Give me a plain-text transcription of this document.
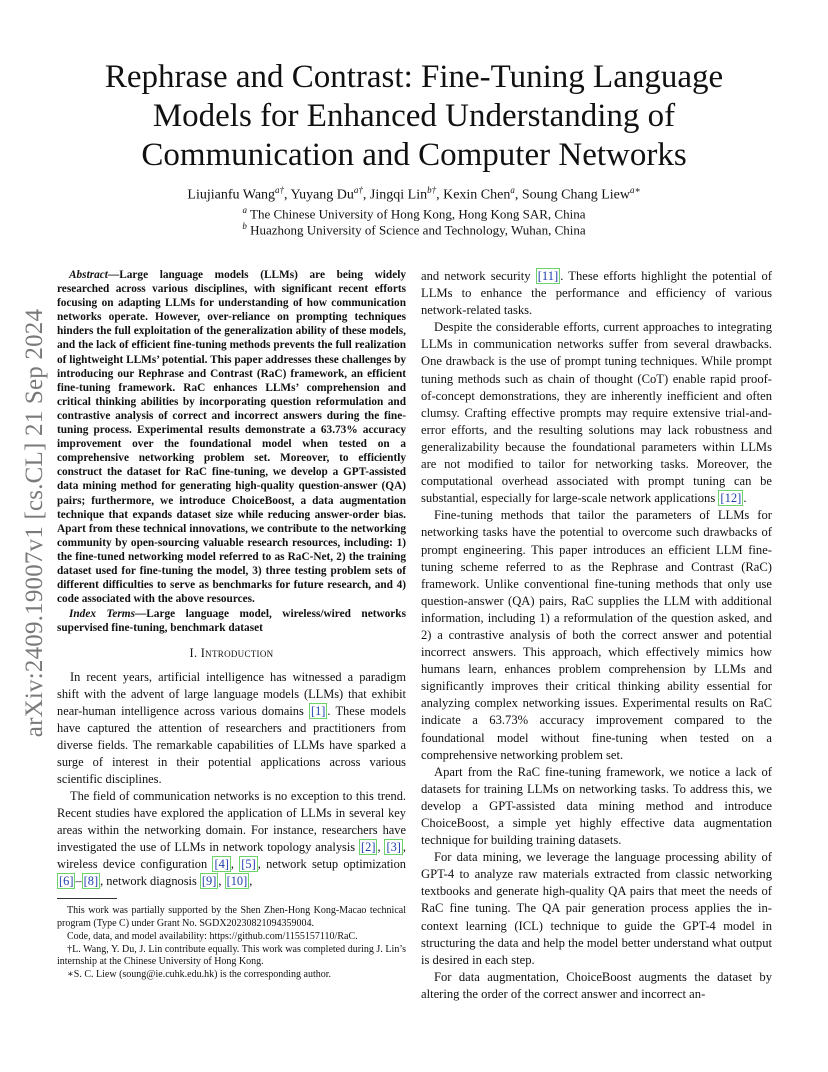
arXiv:2409.19007v1 [cs.CL] 21 Sep 2024
Rephrase and Contrast: Fine-Tuning Language Models for Enhanced Understanding of Communication and Computer Networks
Liujianfu Wang$^{a\dagger}$, Yuyang $Du^{a\dagger}$, Jingqi Lin$^{b\dagger}$, Kexin Chen$^a$, Soung Chang Liew$^{a∗}$
$^a$ The Chinese University of Hong Kong, Hong Kong SAR, China
$^b$ Huazhong University of Science and Technology, Wuhan, China

Abstract—Large language models (LLMs) are being widely researched across various disciplines, with significant recent efforts focusing on adapting LLMs for understanding of how communication networks operate. However, over-reliance on prompting techniques hinders the full exploitation of the generalization ability of these models, and the lack of efficient fine-tuning methods prevents the full realization of lightweight LLMs’ potential. This paper addresses these challenges by introducing our Rephrase and Contrast (RaC) framework, an efficient fine-tuning framework. RaC enhances LLMs’ comprehension and critical thinking abilities by incorporating question reformulation and contrastive analysis of correct and incorrect answers during the fine-tuning process. Experimental results demonstrate a 63.73% accuracy improvement over the foundational model when tested on a comprehensive networking problem set. Moreover, to efficiently construct the dataset for RaC fine-tuning, we develop a GPT-assisted data mining method for generating high-quality question-answer (QA) pairs; furthermore, we introduce ChoiceBoost, a data augmentation technique that expands dataset size while reducing answer-order bias. Apart from these technical innovations, we contribute to the networking community by open-sourcing valuable research resources, including: 1) the fine-tuned networking model referred to as RaC-Net, 2) the training dataset used for fine-tuning the model, 3) three testing problem sets of different difficulties to serve as benchmarks for future research, and 4) code associated with the above resources.

Index Terms—Large language model, wireless/wired networks supervised fine-tuning, benchmark dataset

I. Introduction

In recent years, artificial intelligence has witnessed a paradigm shift with the advent of large language models (LLMs) that exhibit near-human intelligence across various domains [1] . These models have captured the attention of researchers and practitioners from diverse fields. The remarkable capabilities of LLMs have sparked a surge of interest in their potential applications across various scientific disciplines.

The field of communication networks is no exception to this trend. Recent studies have explored the application of LLMs in several key areas within the networking domain. For instance, researchers have investigated the use of LLMs in network topology analysis [2] , [3] , wireless device configuration [4] , [5] , network setup optimization [6] – [8] , network diagnosis [9] , [10] ,

This work was partially supported by the Shen Zhen-Hong Kong-Macao technical program (Type C) under Grant No. SGDX20230821094359004.

Code, data, and model availability: https://github.com/1155157110/RaC.

†L. Wang, Y. Du, J. Lin contribute equally. This work was completed during J. Lin’s internship at the Chinese University of Hong Kong.

∗S. C. Liew (soung@ie.cuhk.edu.hk) is the corresponding author.

and network security [11] . These efforts highlight the potential of LLMs to enhance the performance and efficiency of various network-related tasks.

Despite the considerable efforts, current approaches to integrating LLMs in communication networks suffer from several drawbacks. One drawback is the use of prompt tuning techniques. While prompt tuning methods such as chain of thought (CoT) enable rapid proof-of-concept demonstrations, they are inherently inefficient and often clumsy. Crafting effective prompts may require extensive trial-and-error efforts, and the resulting solutions may lack robustness and generalizability because the foundational parameters within LLMs are not modified to tailor for networking tasks. Moreover, the computational overhead associated with prompt tuning can be substantial, especially for large-scale network applications [12] .

Fine-tuning methods that tailor the parameters of LLMs for networking tasks have the potential to overcome such drawbacks of prompt engineering. This paper introduces an efficient LLM fine-tuning scheme referred to as the Rephrase and Contrast (RaC) framework. Unlike conventional fine-tuning methods that only use question-answer (QA) pairs, RaC supplies the LLM with additional information, including 1) a reformulation of the question asked, and 2) a contrastive analysis of both the correct answer and potential incorrect answers. This approach, which effectively mimics how humans learn, enhances problem comprehension by LLMs and significantly improves their critical thinking ability essential for analyzing complex networking issues. Experimental results on RaC indicate a 63.73% accuracy improvement compared to the foundational model without fine-tuning when tested on a comprehensive networking problem set.

Apart from the RaC fine-tuning framework, we notice a lack of datasets for training LLMs on networking tasks. To address this, we develop a GPT-assisted data mining method and introduce ChoiceBoost, a simple yet highly effective data augmentation technique for building training datasets.

For data mining, we leverage the language processing ability of GPT-4 to analyze raw materials extracted from classic networking textbooks and generate high-quality QA pairs that meet the needs of RaC fine tuning. The QA pair generation process applies the in-context learning (ICL) technique to guide the GPT-4 model in structuring the data and help the model better understand what output is desired in each step.

For data augmentation, ChoiceBoost augments the dataset by altering the order of the correct answer and incorrect an-
